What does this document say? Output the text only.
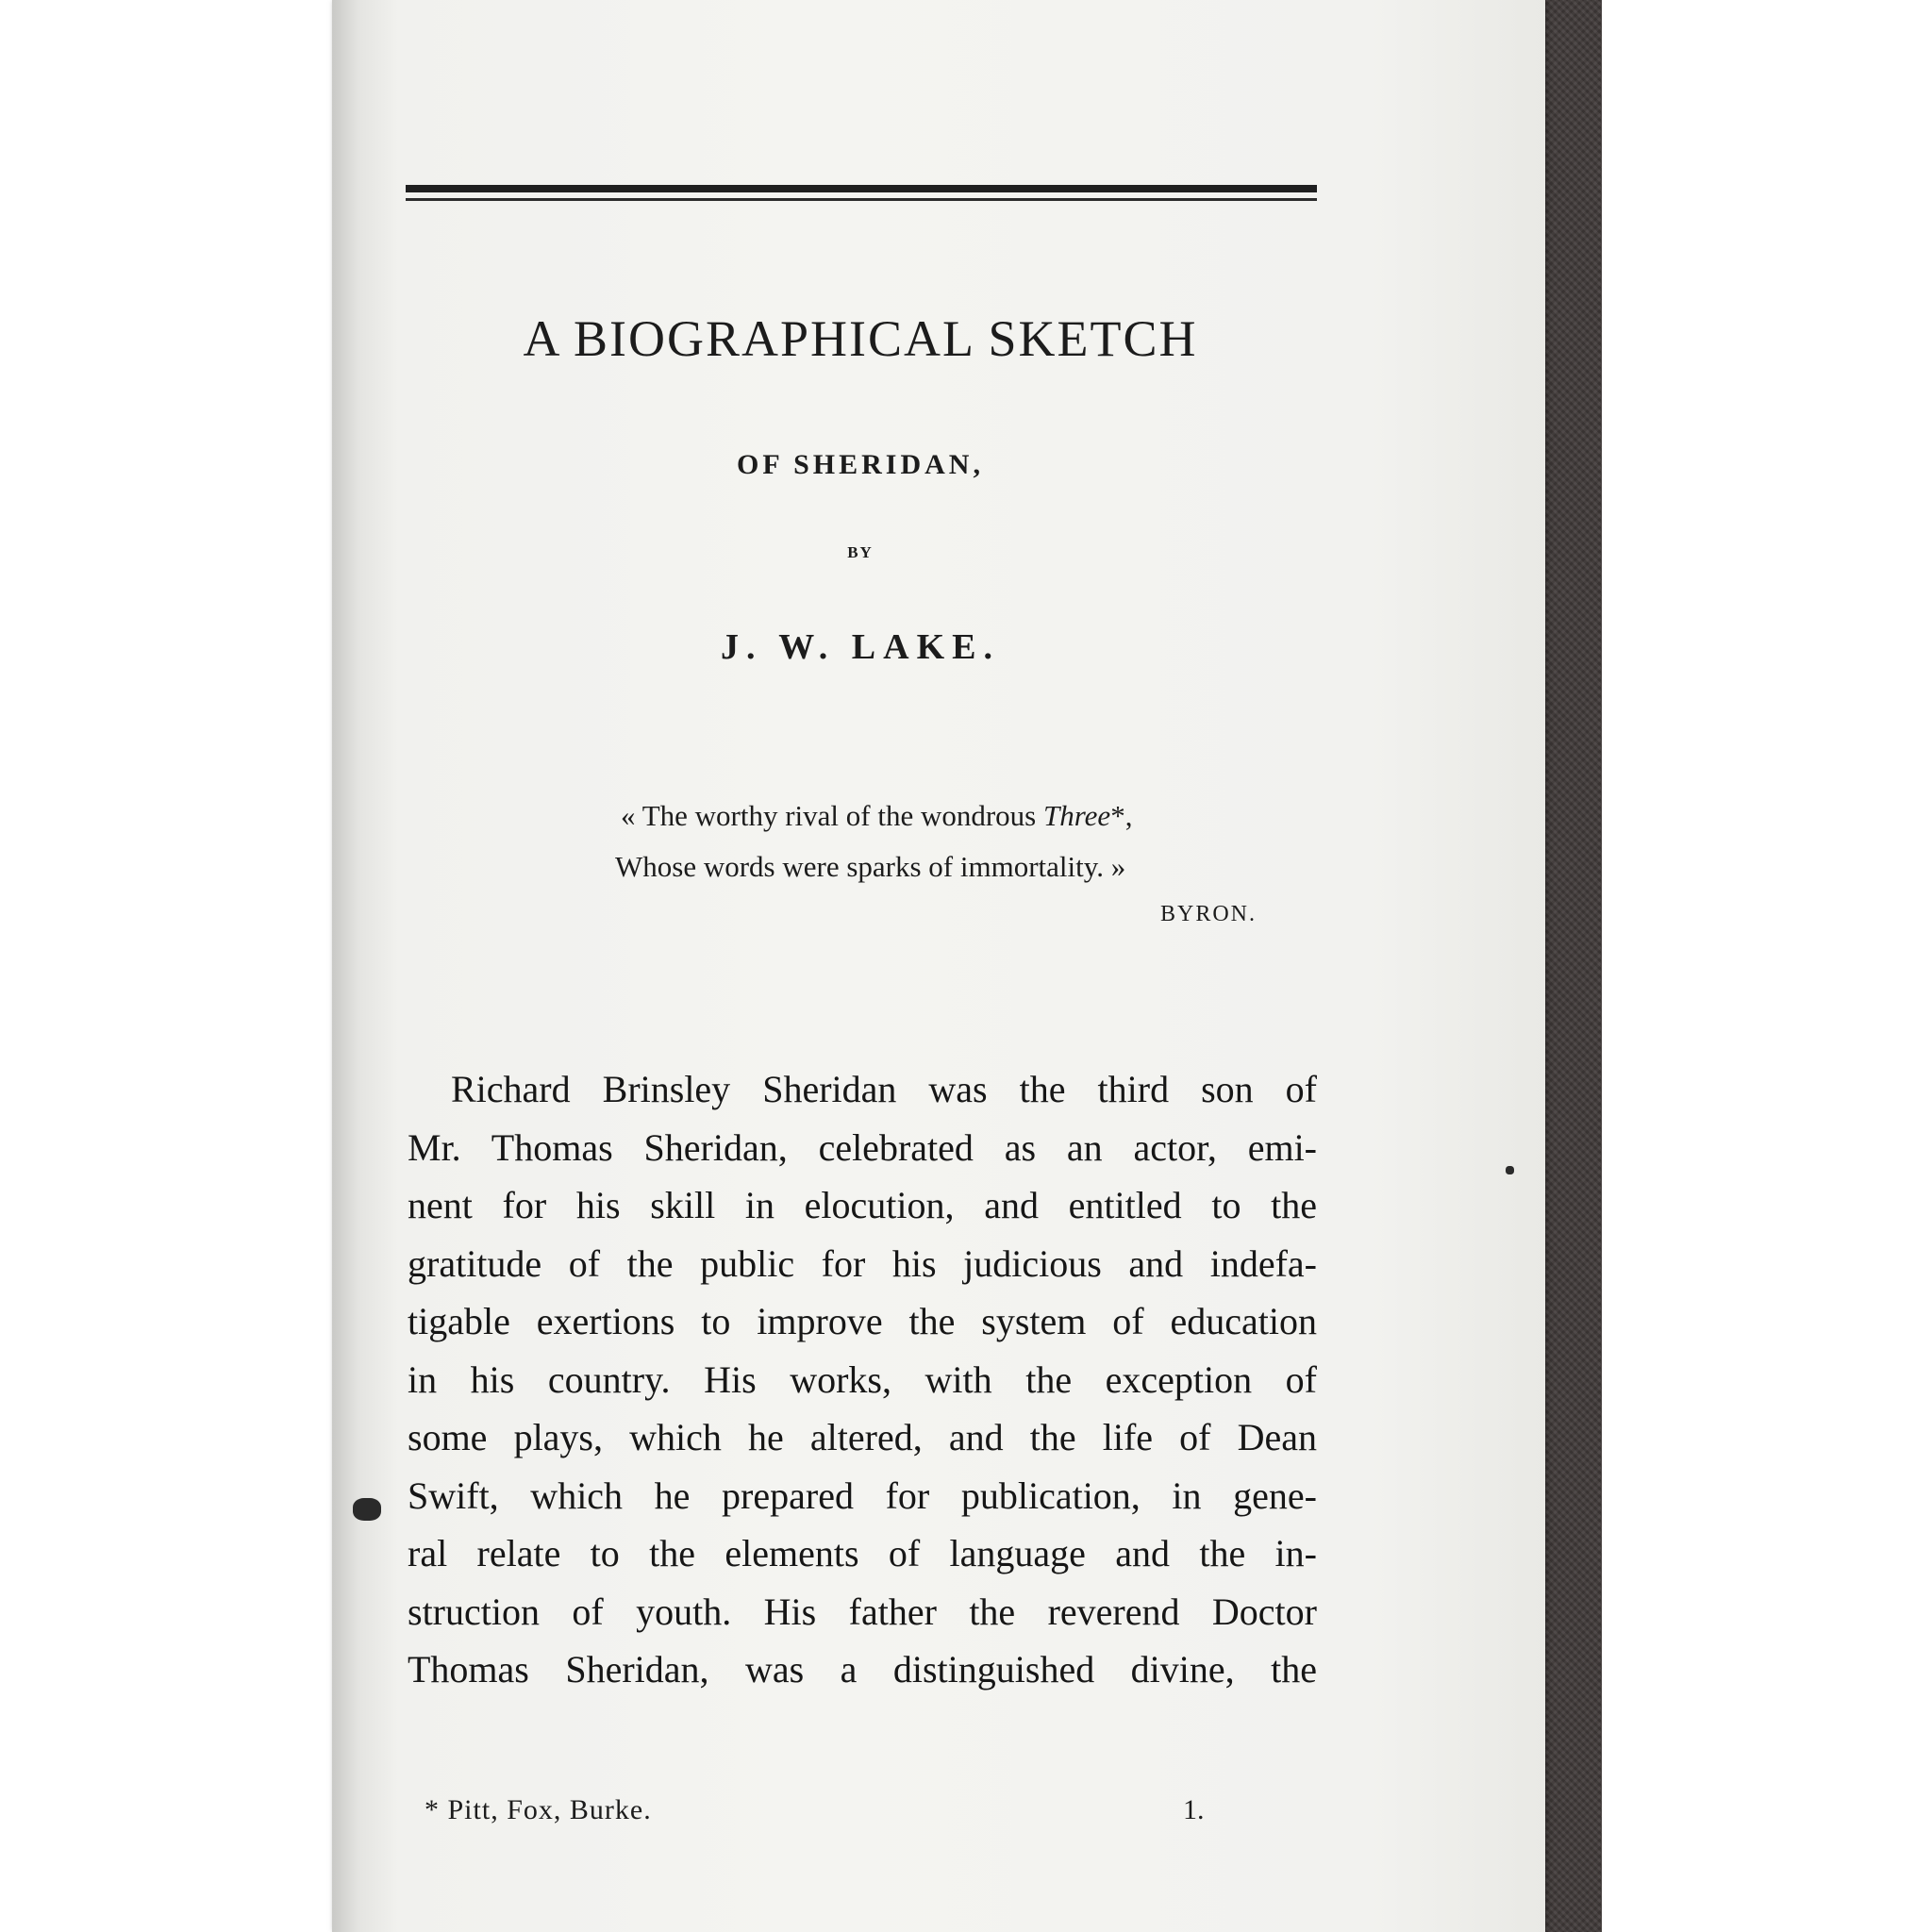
A BIOGRAPHICAL SKETCH
OF SHERIDAN,
BY
J. W. LAKE.
« The worthy rival of the wondrous Three*,
Whose words were sparks of immortality. »
BYRON.
Richard Brinsley Sheridan was the third son of
Mr. Thomas Sheridan, celebrated as an actor, emi-
nent for his skill in elocution, and entitled to the
gratitude of the public for his judicious and indefa-
tigable exertions to improve the system of education
in his country. His works, with the exception of
some plays, which he altered, and the life of Dean
Swift, which he prepared for publication, in gene-
ral relate to the elements of language and the in-
struction of youth. His father the reverend Doctor
Thomas Sheridan, was a distinguished divine, the
* Pitt, Fox, Burke.	1.
